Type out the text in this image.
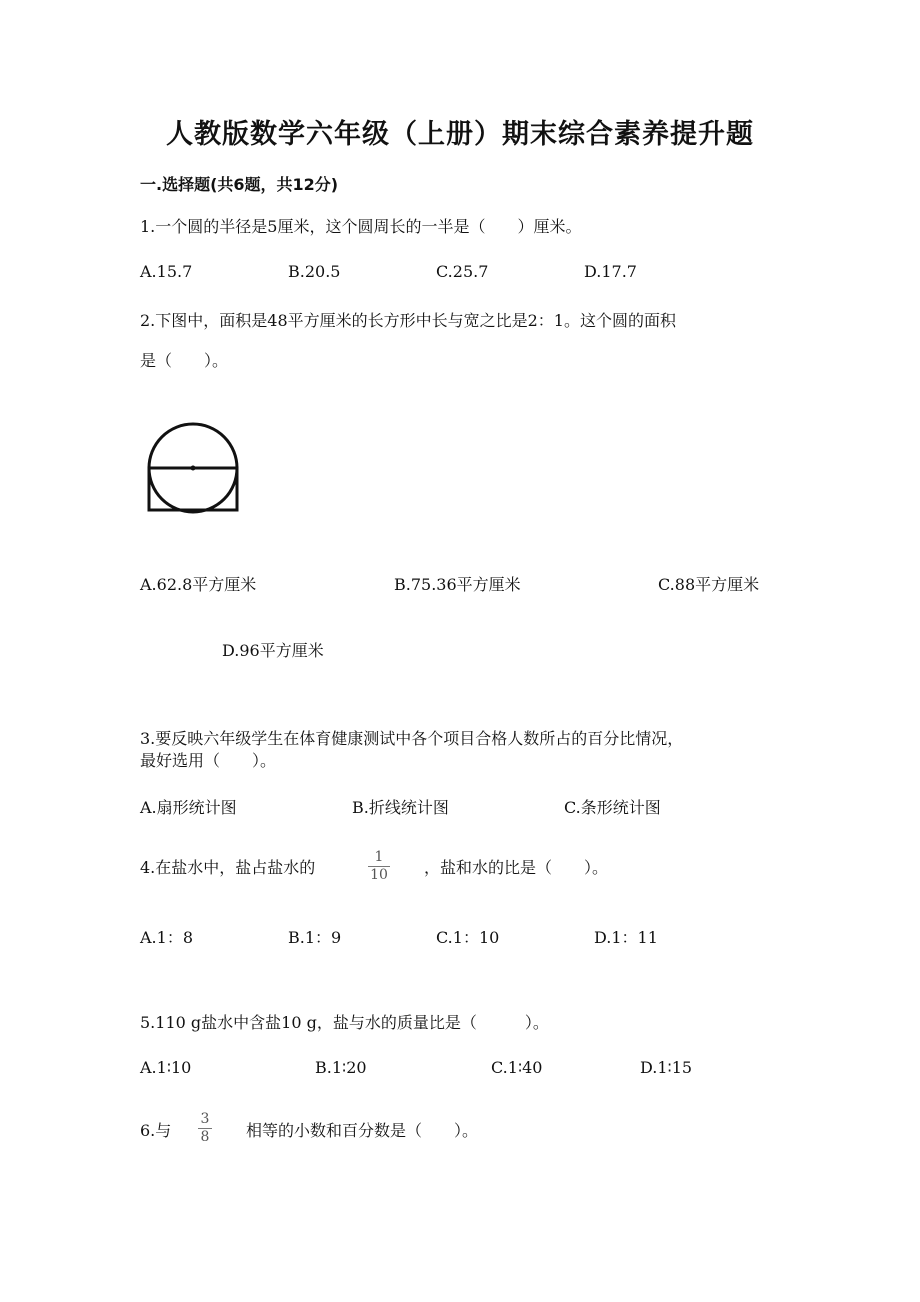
人教版数学六年级（上册）期末综合素养提升题
一.选择题(共6题，共12分)
1.一个圆的半径是5厘米，这个圆周长的一半是（　　）厘米。
A.15.7	B.20.5	C.25.7	D.17.7
2.下图中，面积是48平方厘米的长方形中长与宽之比是2：1。这个圆的面积
是（　　）。
A.62.8平方厘米	B.75.36平方厘米	C.88平方厘米
D.96平方厘米
3.要反映六年级学生在体育健康测试中各个项目合格人数所占的百分比情况，
最好选用（　　）。
A.扇形统计图	B.折线统计图	C.条形统计图
4.在盐水中，盐占盐水的
1
10 ，盐和水的比是（　　）。
A.1：8	B.1：9	C.1：10	D.1：11
5.110 g盐水中含盐10 g，盐与水的质量比是（　　　）。
A.1∶10	B.1∶20	C.1∶40	D.1∶15
6.与
3
8 相等的小数和百分数是（　　）。
